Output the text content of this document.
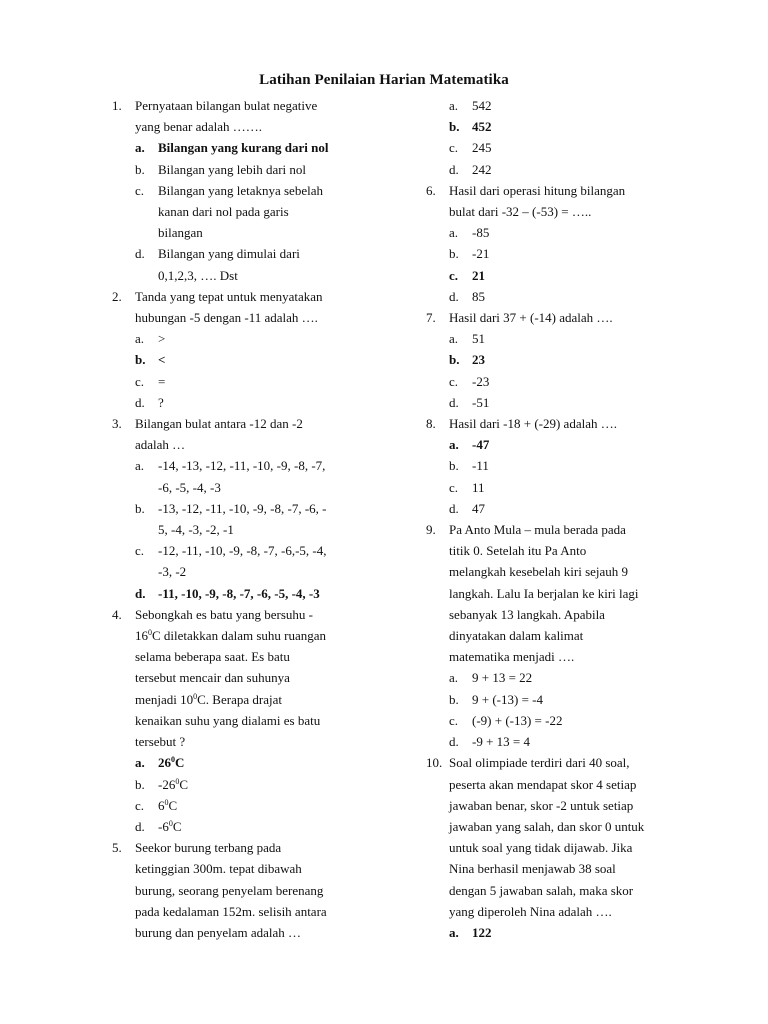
Latihan Penilaian Harian Matematika
1. Pernyataan bilangan bulat negative
yang benar adalah …….
a. Bilangan yang kurang dari nol
b. Bilangan yang lebih dari nol
c. Bilangan yang letaknya sebelah
kanan dari nol pada garis
bilangan
d. Bilangan yang dimulai dari
0,1,2,3, …. Dst
2. Tanda yang tepat untuk menyatakan
hubungan -5 dengan -11 adalah ….
a. >
b. <
c. =
d. ?
3. Bilangan bulat antara -12 dan -2
adalah …
a. -14, -13, -12, -11, -10, -9, -8, -7,
-6, -5, -4, -3
b. -13, -12, -11, -10, -9, -8, -7, -6, -
5, -4, -3, -2, -1
c. -12, -11, -10, -9, -8, -7, -6,-5, -4,
-3, -2
d. -11, -10, -9, -8, -7, -6, -5, -4, -3
4. Sebongkah es batu yang bersuhu -
$16^0C$ diletakkan dalam suhu ruangan
selama beberapa saat. Es batu
tersebut mencair dan suhunya
menjadi $10^0C$. Berapa drajat
kenaikan suhu yang dialami es batu
tersebut ?
a. $26^0C$
b. $-26^0C$
c. $6^0C$
d. $-6^0C$
5. Seekor burung terbang pada
ketinggian 300m. tepat dibawah
burung, seorang penyelam berenang
pada kedalaman 152m. selisih antara
burung dan penyelam adalah …
a. 542
b. 452
c. 245
d. 242
6. Hasil dari operasi hitung bilangan
bulat dari -32 – (-53) = …..
a. -85
b. -21
c. 21
d. 85
7. Hasil dari 37 + (-14) adalah ….
a. 51
b. 23
c. -23
d. -51
8. Hasil dari -18 + (-29) adalah ….
a. -47
b. -11
c. 11
d. 47
9. Pa Anto Mula – mula berada pada
titik 0. Setelah itu Pa Anto
melangkah kesebelah kiri sejauh 9
langkah. Lalu Ia berjalan ke kiri lagi
sebanyak 13 langkah. Apabila
dinyatakan dalam kalimat
matematika menjadi ….
a. 9 + 13 = 22
b. 9 + (-13) = -4
c. (-9) + (-13) = -22
d. -9 + 13 = 4
10. Soal olimpiade terdiri dari 40 soal,
peserta akan mendapat skor 4 setiap
jawaban benar, skor -2 untuk setiap
jawaban yang salah, dan skor 0 untuk
untuk soal yang tidak dijawab. Jika
Nina berhasil menjawab 38 soal
dengan 5 jawaban salah, maka skor
yang diperoleh Nina adalah ….
a. 122
